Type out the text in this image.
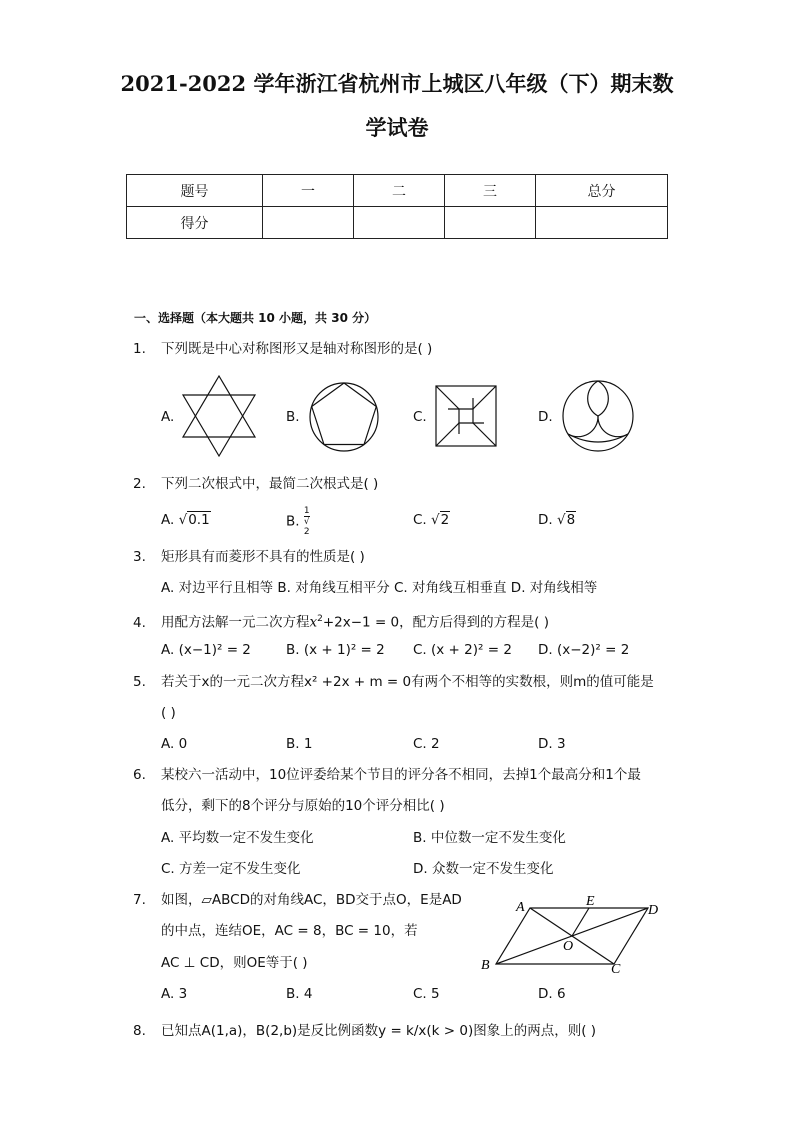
2021-2022 学年浙江省杭州市上城区八年级（下）期末数
学试卷
题号	一	二	三	总分
得分				
一、选择题（本大题共 10 小题，共 30 分）
1. 下列既是中心对称图形又是轴对称图形的是( )
A.	B.	C.	D.
2. 下列二次根式中，最简二次根式是( )
A. √0.1	B. 1
√
2	C. √2	D. √8
3. 矩形具有而菱形不具有的性质是( )
A. 对边平行且相等 B. 对角线互相平分 C. 对角线互相垂直 D. 对角线相等
4. 用配方法解一元二次方程$x^2+2x-1 = 0$，配方后得到的方程是( )
A. (x−1)² = 2	B. (x + 1)² = 2 C. (x + 2)² = 2 D. (x−2)² = 2
5. 若关于x的一元二次方程x² +2x + m = 0有两个不相等的实数根，则m的值可能是
( )
A. 0	B. 1	C. 2	D. 3
6. 某校六一活动中，10位评委给某个节目的评分各不相同，去掉1个最高分和1个最
低分，剩下的8个评分与原始的10个评分相比( )
A. 平均数一定不发生变化	B. 中位数一定不发生变化
C. 方差一定不发生变化	D. 众数一定不发生变化
7. 如图，▱ABCD的对角线AC，BD交于点O，E是AD
的中点，连结OE，AC = 8，BC = 10，若
AC ⊥ CD，则OE等于( )
A. 3	B. 4	C. 5	D. 6
A	E
D
O
B	C
8. 已知点A(1,a)，B(2,b)是反比例函数y = k/x(k > 0)图象上的两点，则( )
